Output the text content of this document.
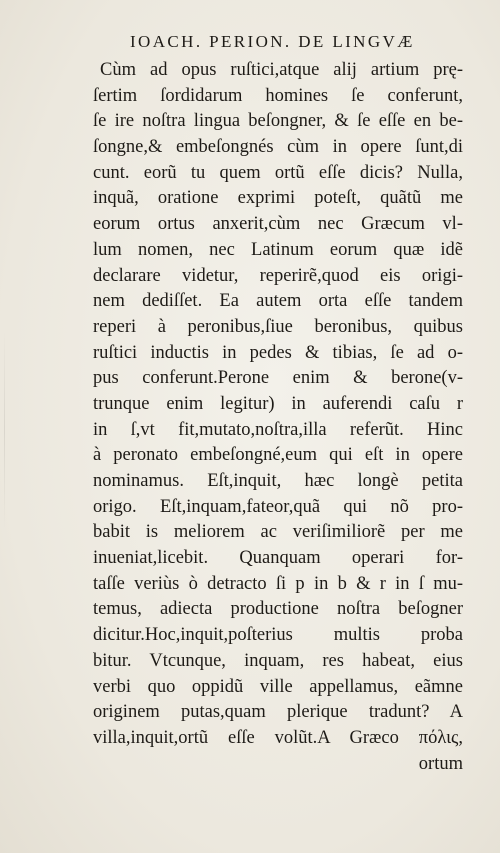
IOACH. PERION. DE LINGVÆ
Cùm ad opus ruſtici,atque alij artium prę-
ſertim ſordidarum homines ſe conferunt,
ſe ire noſtra lingua beſongner, & ſe eſſe en be-
ſongne,& embeſongnés cùm in opere ſunt,di
cunt. eorũ tu quem ortũ eſſe dicis? Nulla,
inquã, oratione exprimi poteſt, quãtũ me
eorum ortus anxerit,cùm nec Græcum vl-
lum nomen, nec Latinum eorum quæ idẽ
declarare videtur, reperirẽ,quod eis origi-
nem dediſſet. Ea autem orta eſſe tandem
reperi à peronibus,ſiue beronibus, quibus
ruſtici inductis in pedes & tibias, ſe ad o-
pus conferunt.Perone enim & berone(v-
trunque enim legitur) in auferendi caſu r
in ſ,vt fit,mutato,noſtra,illa referũt. Hinc
à peronato embeſongné,eum qui eſt in opere
nominamus. Eſt,inquit, hæc longè petita
origo. Eſt,inquam,fateor,quã qui nõ pro-
babit is meliorem ac veriſimiliorẽ per me
inueniat,licebit. Quanquam operari for-
taſſe veriùs ò detracto ſi p in b & r in ſ mu-
temus, adiecta productione noſtra beſogner
dicitur.Hoc,inquit,poſterius multis proba
bitur. Vtcunque, inquam, res habeat, eius
verbi quo oppidũ ville appellamus, eãmne
originem putas,quam plerique tradunt? A
villa,inquit,ortũ eſſe volũt.A Græco πόλις,
ortum
